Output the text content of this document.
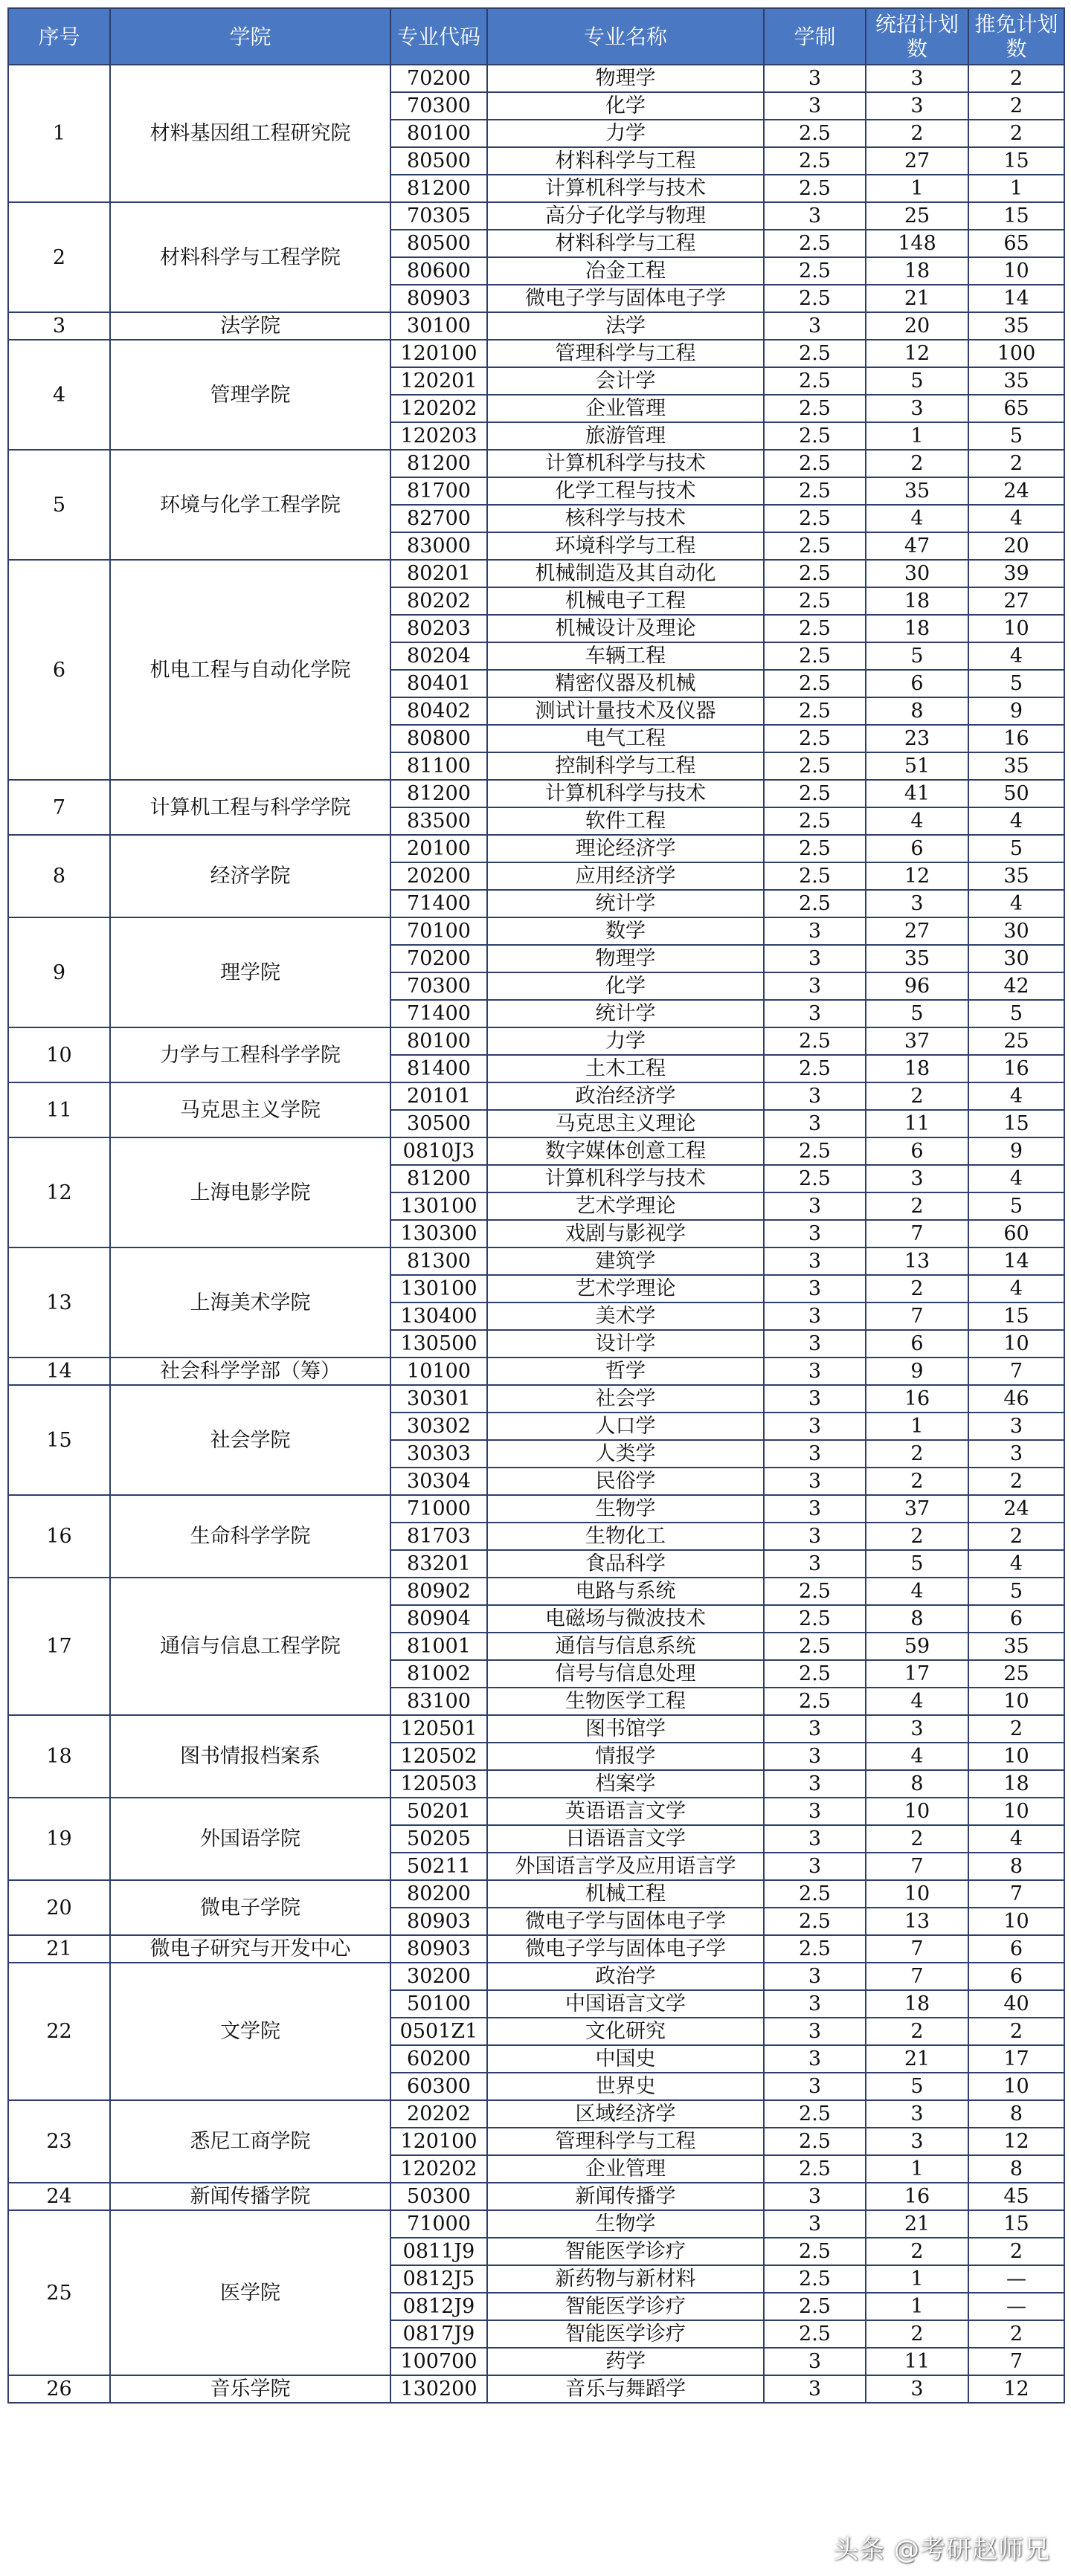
序号	学院	专业代码	专业名称	学制	统招计划数	推免计划数
1	材料基因组工程研究院	70200	物理学	3	3	2
		70300	化学	3	3	2
		80100	力学	2.5	2	2
		80500	材料科学与工程	2.5	27	15
		81200	计算机科学与技术	2.5	1	1
2	材料科学与工程学院	70305	高分子化学与物理	3	25	15
		80500	材料科学与工程	2.5	148	65
		80600	冶金工程	2.5	18	10
		80903	微电子学与固体电子学	2.5	21	14
3	法学院	30100	法学	3	20	35
4	管理学院	120100	管理科学与工程	2.5	12	100
		120201	会计学	2.5	5	35
		120202	企业管理	2.5	3	65
		120203	旅游管理	2.5	1	5
5	环境与化学工程学院	81200	计算机科学与技术	2.5	2	2
		81700	化学工程与技术	2.5	35	24
		82700	核科学与技术	2.5	4	4
		83000	环境科学与工程	2.5	47	20
6	机电工程与自动化学院	80201	机械制造及其自动化	2.5	30	39
		80202	机械电子工程	2.5	18	27
		80203	机械设计及理论	2.5	18	10
		80204	车辆工程	2.5	5	4
		80401	精密仪器及机械	2.5	6	5
		80402	测试计量技术及仪器	2.5	8	9
		80800	电气工程	2.5	23	16
		81100	控制科学与工程	2.5	51	35
7	计算机工程与科学学院	81200	计算机科学与技术	2.5	41	50
		83500	软件工程	2.5	4	4
8	经济学院	20100	理论经济学	2.5	6	5
		20200	应用经济学	2.5	12	35
		71400	统计学	2.5	3	4
9	理学院	70100	数学	3	27	30
		70200	物理学	3	35	30
		70300	化学	3	96	42
		71400	统计学	3	5	5
10	力学与工程科学学院	80100	力学	2.5	37	25
		81400	土木工程	2.5	18	16
11	马克思主义学院	20101	政治经济学	3	2	4
		30500	马克思主义理论	3	11	15
12	上海电影学院	0810J3	数字媒体创意工程	2.5	6	9
		81200	计算机科学与技术	2.5	3	4
		130100	艺术学理论	3	2	5
		130300	戏剧与影视学	3	7	60
13	上海美术学院	81300	建筑学	3	13	14
		130100	艺术学理论	3	2	4
		130400	美术学	3	7	15
		130500	设计学	3	6	10
14	社会科学学部（筹）	10100	哲学	3	9	7
15	社会学院	30301	社会学	3	16	46
		30302	人口学	3	1	3
		30303	人类学	3	2	3
		30304	民俗学	3	2	2
16	生命科学学院	71000	生物学	3	37	24
		81703	生物化工	3	2	2
		83201	食品科学	3	5	4
17	通信与信息工程学院	80902	电路与系统	2.5	4	5
		80904	电磁场与微波技术	2.5	8	6
		81001	通信与信息系统	2.5	59	35
		81002	信号与信息处理	2.5	17	25
		83100	生物医学工程	2.5	4	10
18	图书情报档案系	120501	图书馆学	3	3	2
		120502	情报学	3	4	10
		120503	档案学	3	8	18
19	外国语学院	50201	英语语言文学	3	10	10
		50205	日语语言文学	3	2	4
		50211	外国语言学及应用语言学	3	7	8
20	微电子学院	80200	机械工程	2.5	10	7
		80903	微电子学与固体电子学	2.5	13	10
21	微电子研究与开发中心	80903	微电子学与固体电子学	2.5	7	6
22	文学院	30200	政治学	3	7	6
		50100	中国语言文学	3	18	40
		0501Z1	文化研究	3	2	2
		60200	中国史	3	21	17
		60300	世界史	3	5	10
23	悉尼工商学院	20202	区域经济学	2.5	3	8
		120100	管理科学与工程	2.5	3	12
		120202	企业管理	2.5	1	8
24	新闻传播学院	50300	新闻传播学	3	16	45
25	医学院	71000	生物学	3	21	15
		0811J9	智能医学诊疗	2.5	2	2
		0812J5	新药物与新材料	2.5	1	—
		0812J9	智能医学诊疗	2.5	1	—
		0817J9	智能医学诊疗	2.5	2	2
		100700	药学	3	11	7
26	音乐学院	130200	音乐与舞蹈学	3	3	12
头条 @考研赵师兄
